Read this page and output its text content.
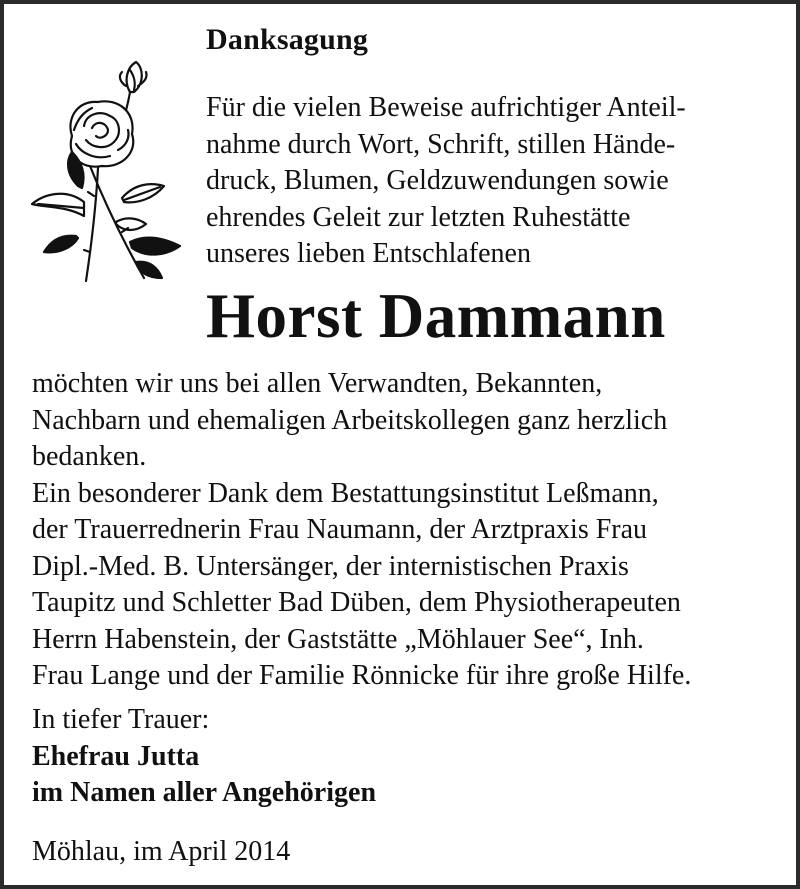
Danksagung

Für die vielen Beweise aufrichtiger Anteil-
nahme durch Wort, Schrift, stillen Hände-
druck, Blumen, Geldzuwendungen sowie
ehrendes Geleit zur letzten Ruhestätte
unseres lieben Entschlafenen

Horst Dammann

möchten wir uns bei allen Verwandten, Bekannten,
Nachbarn und ehemaligen Arbeitskollegen ganz herzlich
bedanken.
Ein besonderer Dank dem Bestattungsinstitut Leßmann,
der Trauerrednerin Frau Naumann, der Arztpraxis Frau
Dipl.-Med. B. Untersänger, der internistischen Praxis
Taupitz und Schletter Bad Düben, dem Physiotherapeuten
Herrn Habenstein, der Gaststätte „Möhlauer See“, Inh.
Frau Lange und der Familie Rönnicke für ihre große Hilfe.

In tiefer Trauer:
Ehefrau Jutta
im Namen aller Angehörigen

Möhlau, im April 2014
